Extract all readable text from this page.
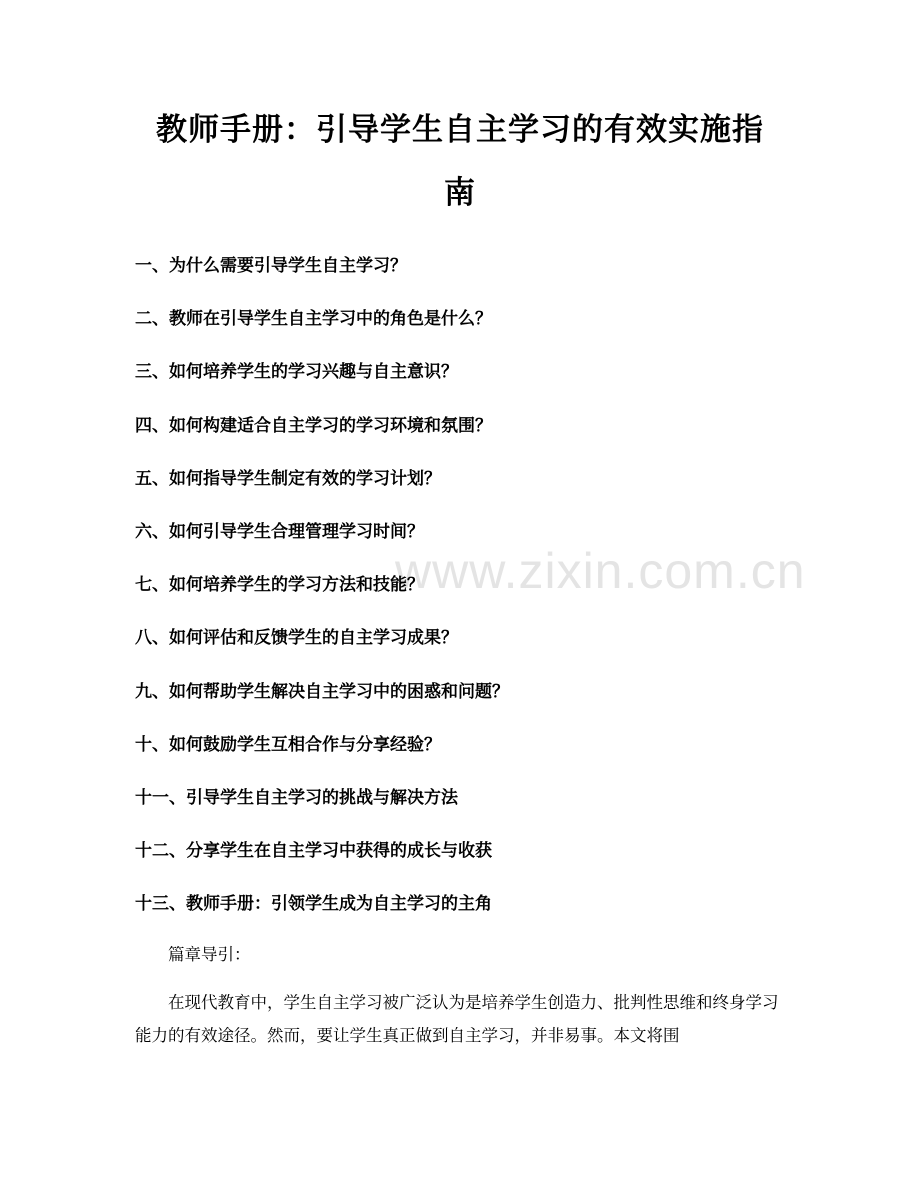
www.zixin.com.cn
教师手册：引导学生自主学习的有效实施指
南
一、为什么需要引导学生自主学习？
二、教师在引导学生自主学习中的角色是什么？
三、如何培养学生的学习兴趣与自主意识？
四、如何构建适合自主学习的学习环境和氛围？
五、如何指导学生制定有效的学习计划？
六、如何引导学生合理管理学习时间？
七、如何培养学生的学习方法和技能？
八、如何评估和反馈学生的自主学习成果？
九、如何帮助学生解决自主学习中的困惑和问题？
十、如何鼓励学生互相合作与分享经验？
十一、引导学生自主学习的挑战与解决方法
十二、分享学生在自主学习中获得的成长与收获
十三、教师手册：引领学生成为自主学习的主角

篇章导引：

在现代教育中，学生自主学习被广泛认为是培养学生创造力、批判性思维和终身学习能力的有效途径。然而，要让学生真正做到自主学习，并非易事。本文将围
